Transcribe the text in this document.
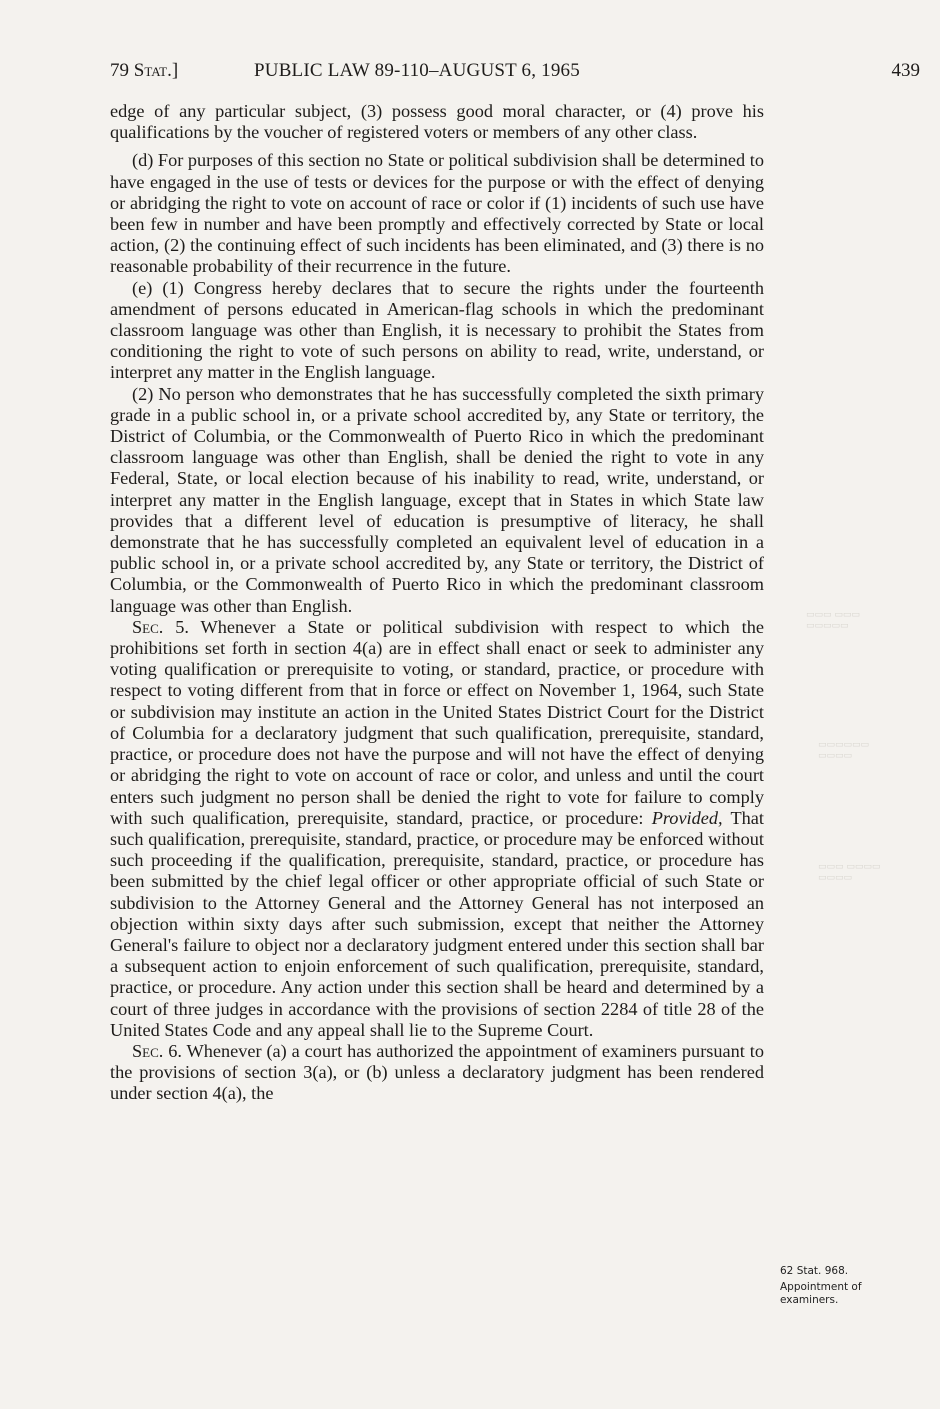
79 Stat.]	PUBLIC LAW 89-110–AUGUST 6, 1965	439

edge of any particular subject, (3) possess good moral character, or (4) prove his qualifications by the voucher of registered voters or members of any other class.

(d) For purposes of this section no State or political subdivision shall be determined to have engaged in the use of tests or devices for the purpose or with the effect of denying or abridging the right to vote on account of race or color if (1) incidents of such use have been few in number and have been promptly and effectively corrected by State or local action, (2) the continuing effect of such incidents has been eliminated, and (3) there is no reasonable probability of their recurrence in the future.

(e) (1) Congress hereby declares that to secure the rights under the fourteenth amendment of persons educated in American-flag schools in which the predominant classroom language was other than English, it is necessary to prohibit the States from conditioning the right to vote of such persons on ability to read, write, understand, or interpret any matter in the English language.

(2) No person who demonstrates that he has successfully completed the sixth primary grade in a public school in, or a private school accredited by, any State or territory, the District of Columbia, or the Commonwealth of Puerto Rico in which the predominant classroom language was other than English, shall be denied the right to vote in any Federal, State, or local election because of his inability to read, write, understand, or interpret any matter in the English language, except that in States in which State law provides that a different level of education is presumptive of literacy, he shall demonstrate that he has successfully completed an equivalent level of education in a public school in, or a private school accredited by, any State or territory, the District of Columbia, or the Commonwealth of Puerto Rico in which the predominant classroom language was other than English.

Sec. 5. Whenever a State or political subdivision with respect to which the prohibitions set forth in section 4(a) are in effect shall enact or seek to administer any voting qualification or prerequisite to voting, or standard, practice, or procedure with respect to voting different from that in force or effect on November 1, 1964, such State or subdivision may institute an action in the United States District Court for the District of Columbia for a declaratory judgment that such qualification, prerequisite, standard, practice, or procedure does not have the purpose and will not have the effect of denying or abridging the right to vote on account of race or color, and unless and until the court enters such judgment no person shall be denied the right to vote for failure to comply with such qualification, prerequisite, standard, practice, or procedure: Provided, That such qualification, prerequisite, standard, practice, or procedure may be enforced without such proceeding if the qualification, prerequisite, standard, practice, or procedure has been submitted by the chief legal officer or other appropriate official of such State or subdivision to the Attorney General and the Attorney General has not interposed an objection within sixty days after such submission, except that neither the Attorney General's failure to object nor a declaratory judgment entered under this section shall bar a subsequent action to enjoin enforcement of such qualification, prerequisite, standard, practice, or procedure. Any action under this section shall be heard and determined by a court of three judges in accordance with the provisions of section 2284 of title 28 of the United States Code and any appeal shall lie to the Supreme Court.

Sec. 6. Whenever (a) a court has authorized the appointment of examiners pursuant to the provisions of section 3(a), or (b) unless a declaratory judgment has been rendered under section 4(a), the

▭▭▭ ▭▭▭
▭▭▭▭▭
▭▭▭▭▭▭
▭▭▭▭
▭▭▭ ▭▭▭▭
▭▭▭▭
62 Stat. 968.
Appointment of examiners.
